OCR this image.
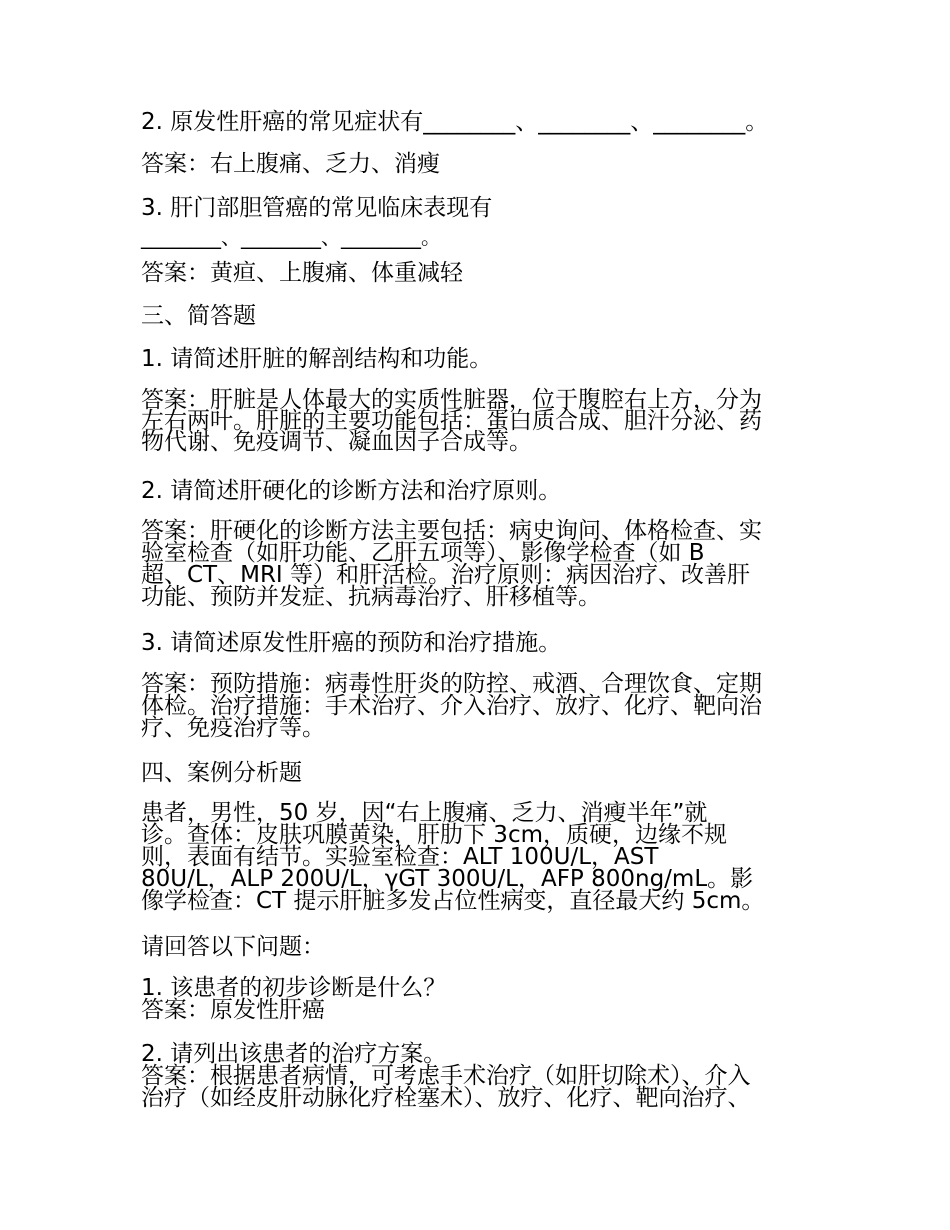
2. 原发性肝癌的常见症状有________、________、________。
答案：右上腹痛、乏力、消瘦
3. 肝门部胆管癌的常见临床表现有
________、________、________。
答案：黄疸、上腹痛、体重减轻
三、简答题
1. 请简述肝脏的解剖结构和功能。
答案：肝脏是人体最大的实质性脏器，位于腹腔右上方，分为
左右两叶。肝脏的主要功能包括：蛋白质合成、胆汁分泌、药
物代谢、免疫调节、凝血因子合成等。
2. 请简述肝硬化的诊断方法和治疗原则。
答案：肝硬化的诊断方法主要包括：病史询问、体格检查、实
验室检查（如肝功能、乙肝五项等）、影像学检查（如 B
超、CT、MRI 等）和肝活检。治疗原则：病因治疗、改善肝
功能、预防并发症、抗病毒治疗、肝移植等。
3. 请简述原发性肝癌的预防和治疗措施。
答案：预防措施：病毒性肝炎的防控、戒酒、合理饮食、定期
体检。治疗措施：手术治疗、介入治疗、放疗、化疗、靶向治
疗、免疫治疗等。
四、案例分析题
患者，男性，50 岁，因“右上腹痛、乏力、消瘦半年”就
诊。查体：皮肤巩膜黄染，肝肋下 3cm，质硬，边缘不规
则，表面有结节。实验室检查：ALT 100U/L，AST
80U/L，ALP 200U/L，γGT 300U/L，AFP 800ng/mL。影
像学检查：CT 提示肝脏多发占位性病变，直径最大约 5cm。
请回答以下问题：
1. 该患者的初步诊断是什么？
答案：原发性肝癌
2. 请列出该患者的治疗方案。
答案：根据患者病情，可考虑手术治疗（如肝切除术）、介入
治疗（如经皮肝动脉化疗栓塞术）、放疗、化疗、靶向治疗、
